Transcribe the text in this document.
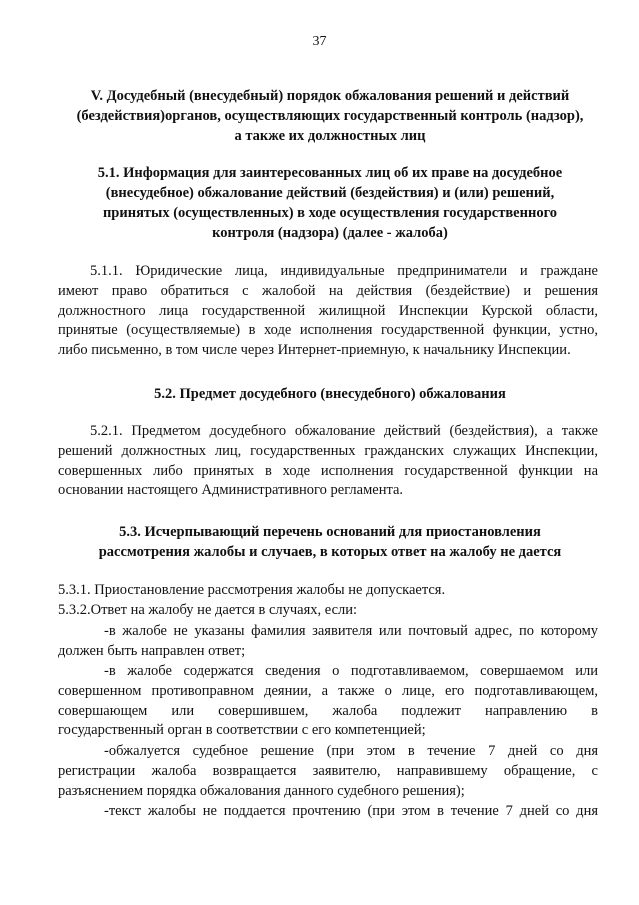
37
V. Досудебный (внесудебный) порядок обжалования решений и действий
(бездействия)органов, осуществляющих государственный контроль (надзор),
а также их должностных лиц
5.1. Информация для заинтересованных лиц об их праве на досудебное
(внесудебное) обжалование действий (бездействия) и (или) решений,
принятых (осуществленных) в ходе осуществления государственного
контроля (надзора) (далее - жалоба)
5.1.1. Юридические лица, индивидуальные предприниматели и граждане
имеют право обратиться с жалобой на действия (бездействие) и решения
должностного лица государственной жилищной Инспекции Курской области,
принятые (осуществляемые) в ходе исполнения государственной функции, устно,
либо письменно, в том числе через Интернет-приемную, к начальнику Инспекции.
5.2. Предмет досудебного (внесудебного) обжалования
5.2.1. Предметом досудебного обжалование действий (бездействия), а также
решений должностных лиц, государственных гражданских служащих Инспекции,
совершенных либо принятых в ходе исполнения государственной функции на
основании настоящего Административного регламента.
5.3. Исчерпывающий перечень оснований для приостановления
рассмотрения жалобы и случаев, в которых ответ на жалобу не дается
5.3.1. Приостановление рассмотрения жалобы не допускается.
5.3.2.Ответ на жалобу не дается в случаях, если:
-в жалобе не указаны фамилия заявителя или почтовый адрес, по которому
должен быть направлен ответ;
-в жалобе содержатся сведения о подготавливаемом, совершаемом или
совершенном противоправном деянии, а также о лице, его подготавливающем,
совершающем или совершившем, жалоба подлежит направлению в
государственный орган в соответствии с его компетенцией;
-обжалуется судебное решение (при этом в течение 7 дней со дня
регистрации жалоба возвращается заявителю, направившему обращение, с
разъяснением порядка обжалования данного судебного решения);
-текст жалобы не поддается прочтению (при этом в течение 7 дней со дня
